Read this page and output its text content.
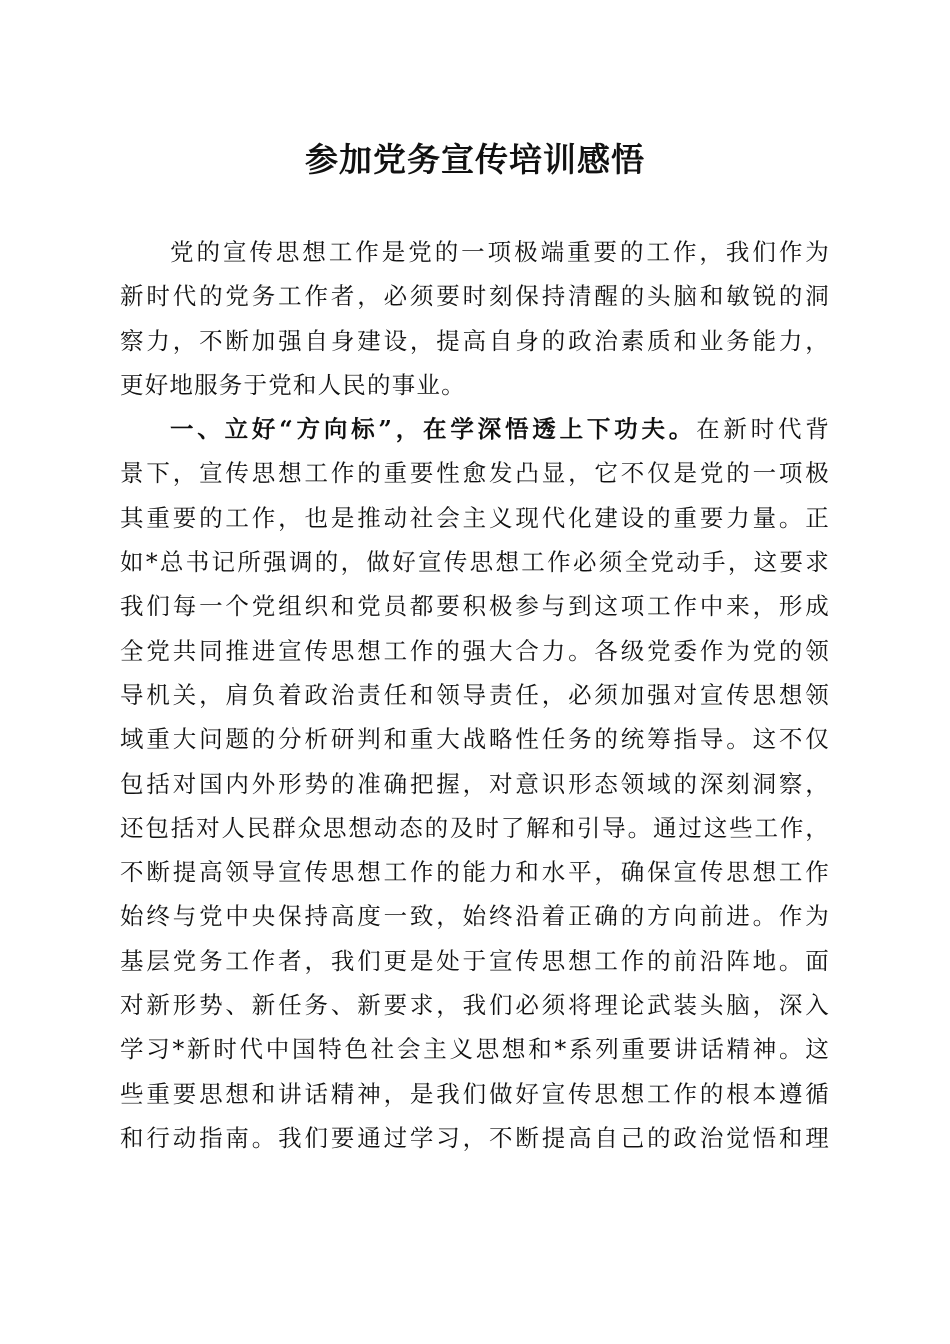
参加党务宣传培训感悟
党的宣传思想工作是党的一项极端重要的工作，我们作为
新时代的党务工作者，必须要时刻保持清醒的头脑和敏锐的洞
察力，不断加强自身建设，提高自身的政治素质和业务能力，
更好地服务于党和人民的事业。
一、立好“方向标”，在学深悟透上下功夫。在新时代背
景下，宣传思想工作的重要性愈发凸显，它不仅是党的一项极
其重要的工作，也是推动社会主义现代化建设的重要力量。正
如*总书记所强调的，做好宣传思想工作必须全党动手，这要求
我们每一个党组织和党员都要积极参与到这项工作中来，形成
全党共同推进宣传思想工作的强大合力。各级党委作为党的领
导机关，肩负着政治责任和领导责任，必须加强对宣传思想领
域重大问题的分析研判和重大战略性任务的统筹指导。这不仅
包括对国内外形势的准确把握，对意识形态领域的深刻洞察，
还包括对人民群众思想动态的及时了解和引导。通过这些工作，
不断提高领导宣传思想工作的能力和水平，确保宣传思想工作
始终与党中央保持高度一致，始终沿着正确的方向前进。作为
基层党务工作者，我们更是处于宣传思想工作的前沿阵地。面
对新形势、新任务、新要求，我们必须将理论武装头脑，深入
学习*新时代中国特色社会主义思想和*系列重要讲话精神。这
些重要思想和讲话精神，是我们做好宣传思想工作的根本遵循
和行动指南。我们要通过学习，不断提高自己的政治觉悟和理
